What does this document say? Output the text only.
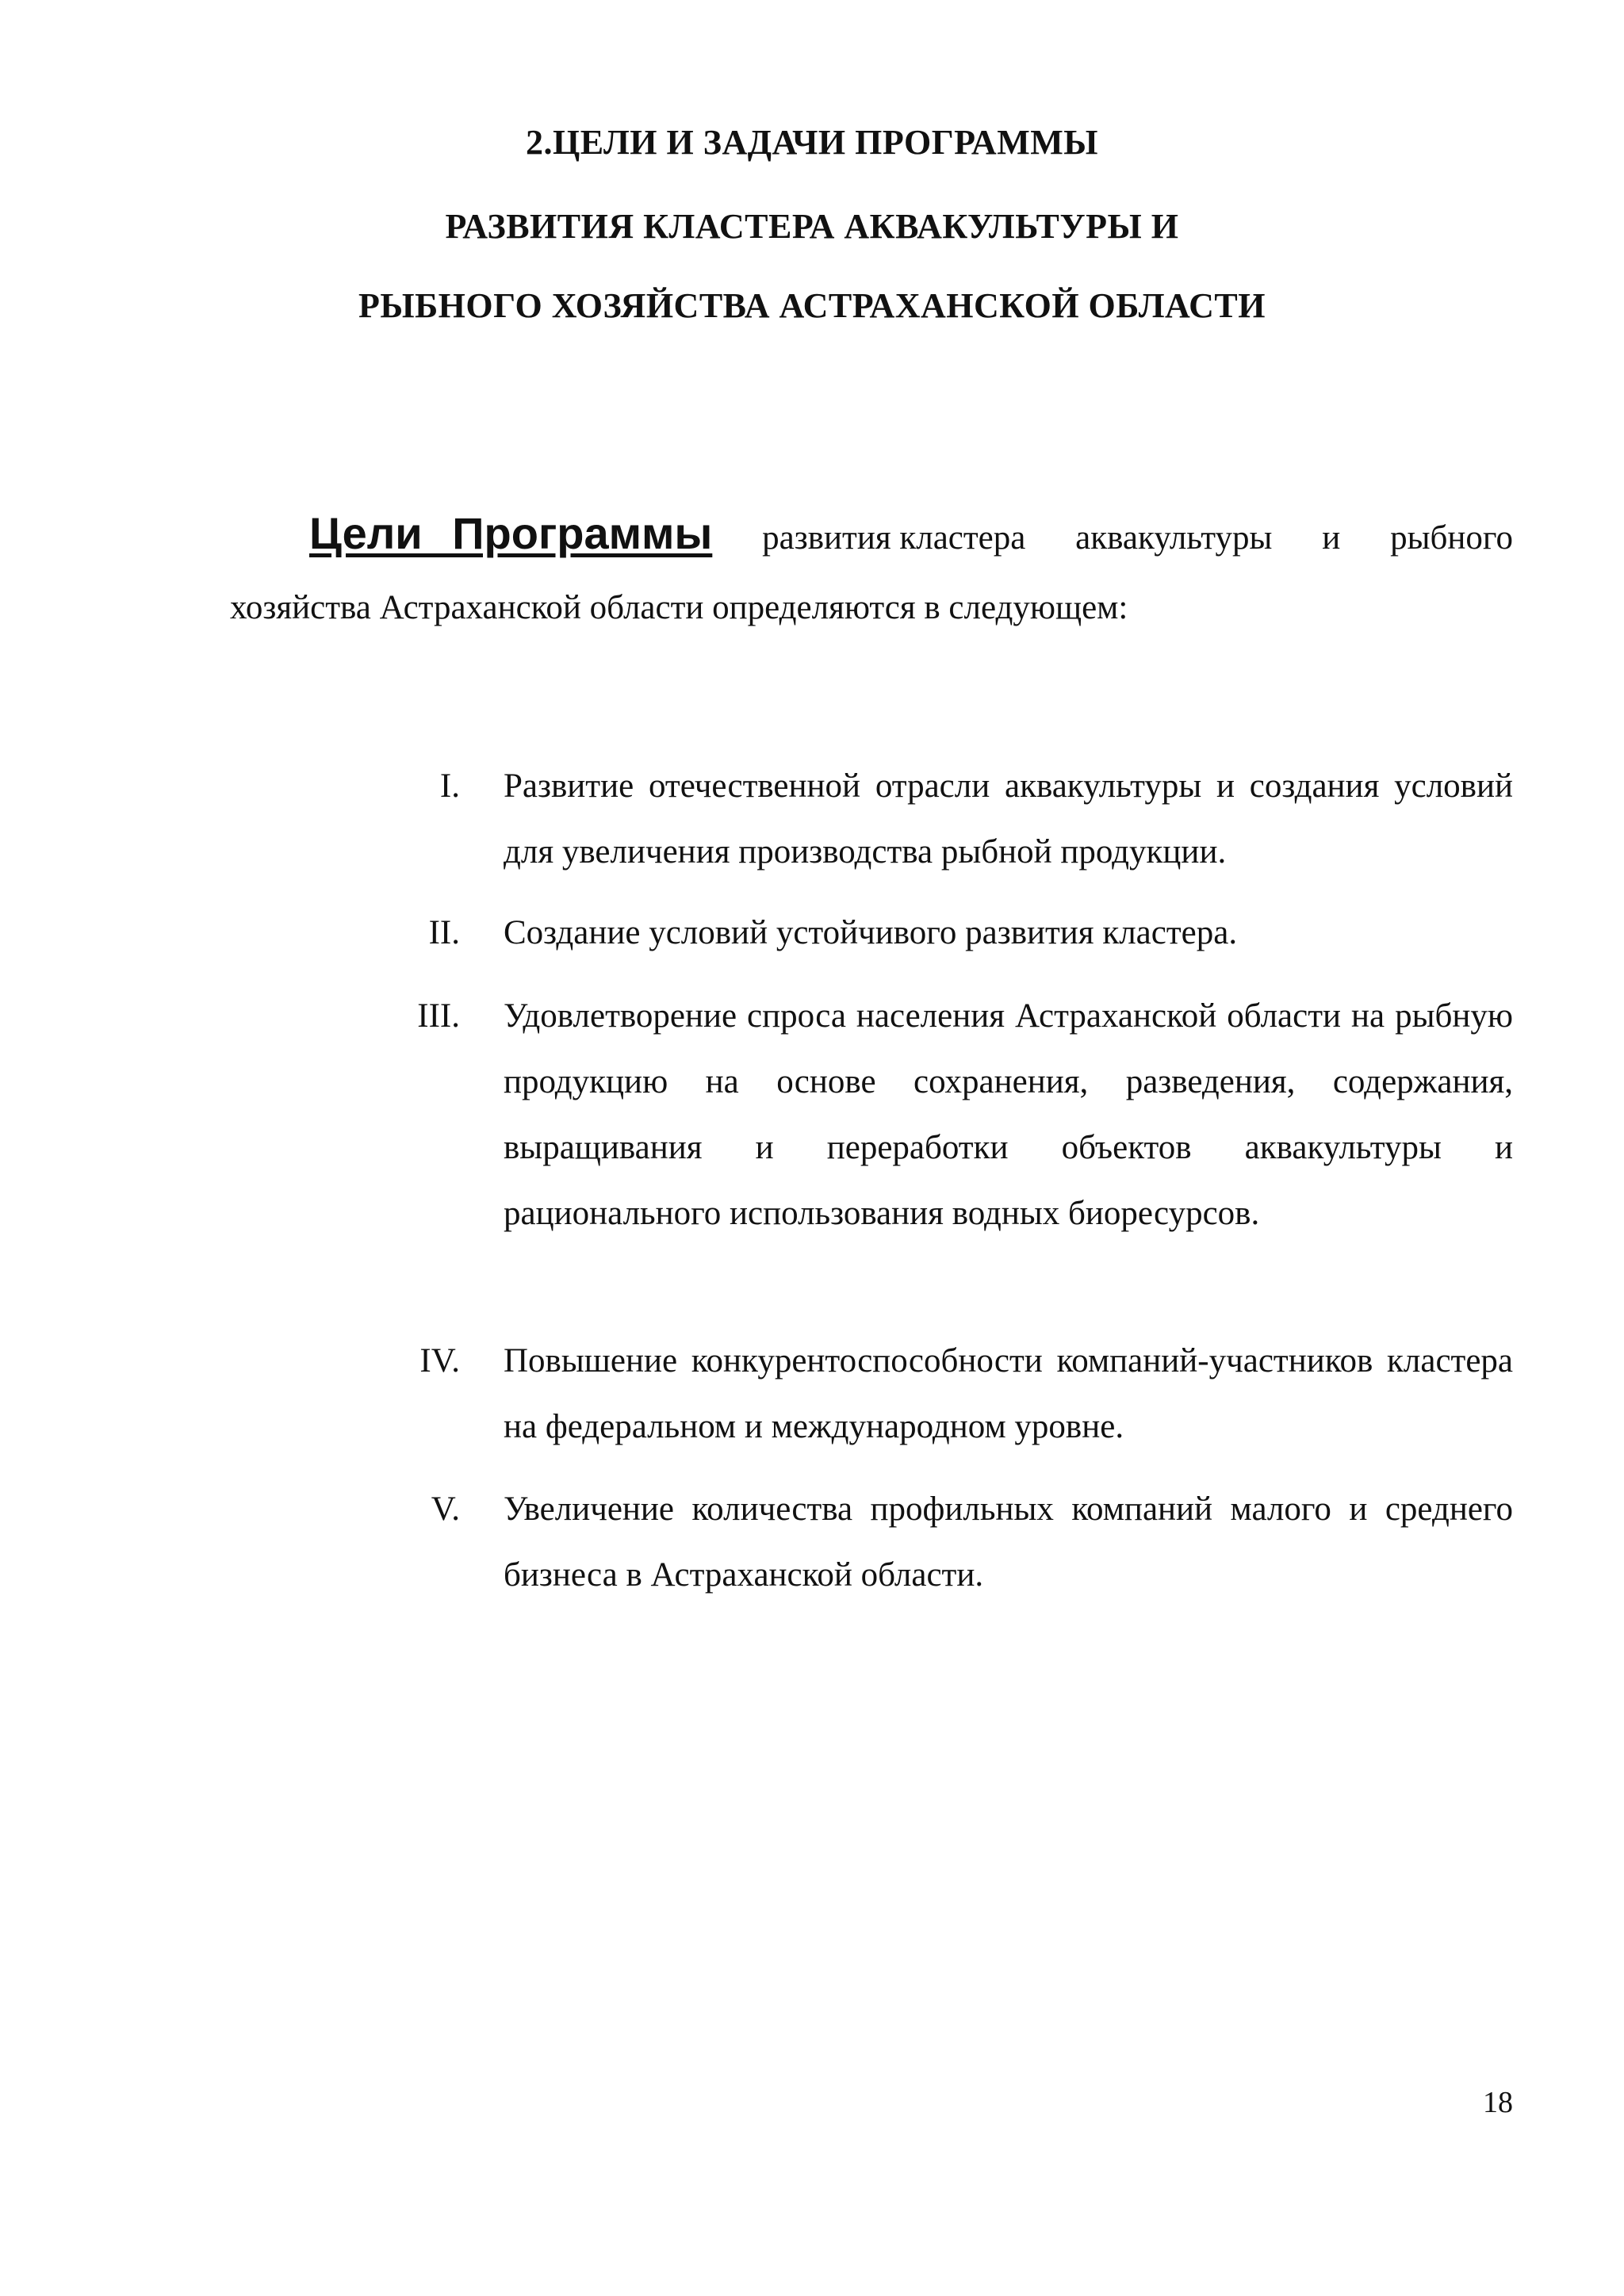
2.ЦЕЛИ И ЗАДАЧИ ПРОГРАММЫ
РАЗВИТИЯ КЛАСТЕРА АКВАКУЛЬТУРЫ И
РЫБНОГО ХОЗЯЙСТВА АСТРАХАНСКОЙ ОБЛАСТИ
Цели Программы развития кластера аквакультуры и рыбного
хозяйства Астраханской области определяются в следующем:
I. Развитие отечественной отрасли аквакультуры и создания условий для увеличения производства рыбной продукции.
II. Создание условий устойчивого развития кластера.
III. Удовлетворение спроса населения Астраханской области на рыбную продукцию на основе сохранения, разведения, содержания, выращивания и переработки объектов аквакультуры и рационального использования водных биоресурсов.
IV. Повышение конкурентоспособности компаний-участников кластера на федеральном и международном уровне.
V. Увеличение количества профильных компаний малого и среднего бизнеса в Астраханской области.
18
